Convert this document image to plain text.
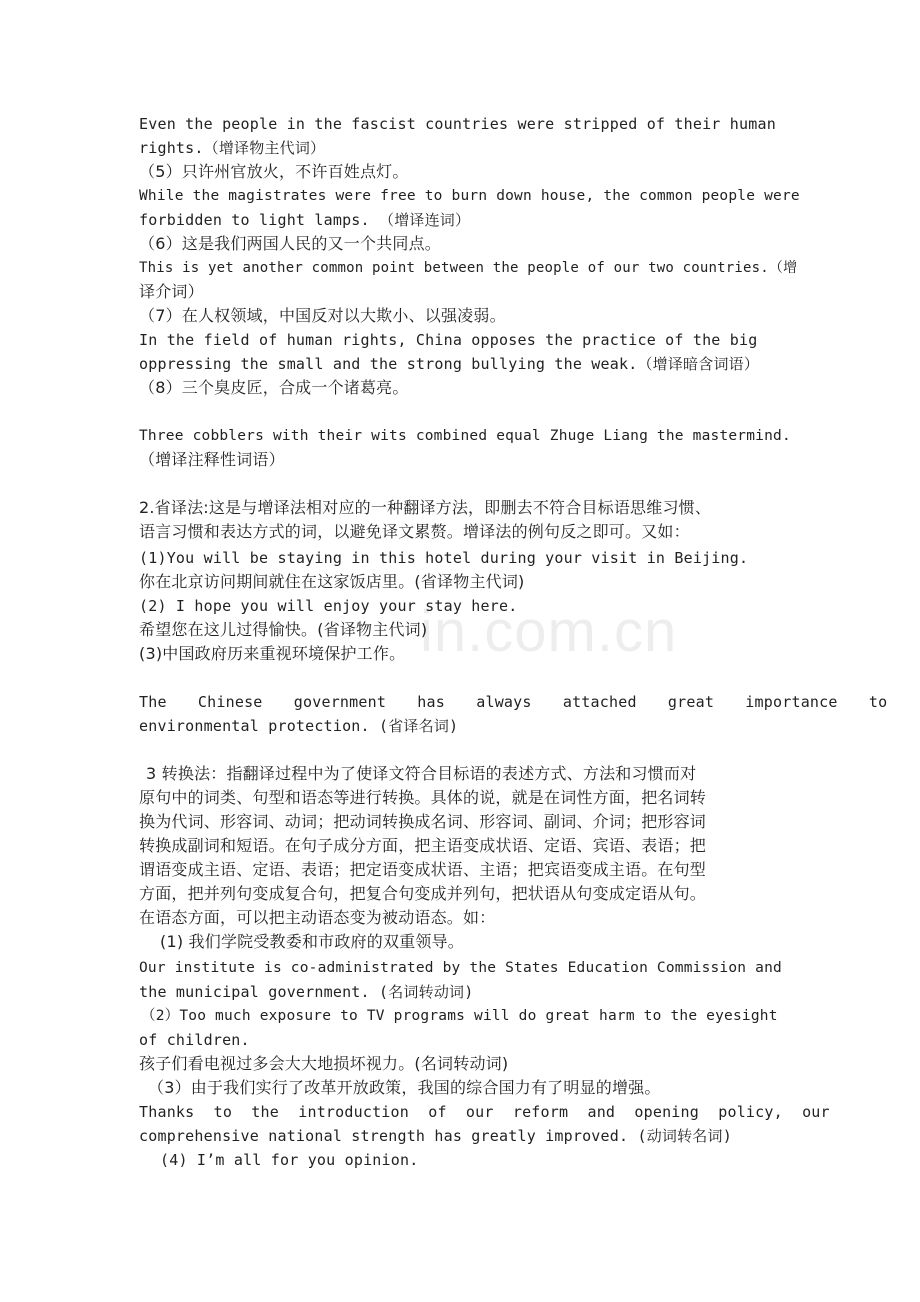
in.com.cn
Even the people in the fascist countries were stripped of their human
rights.（增译物主代词）
（5）只许州官放火，不许百姓点灯。
While the magistrates were free to burn down house, the common people were
forbidden to light lamps. （增译连词）
（6）这是我们两国人民的又一个共同点。
This is yet another common point between the people of our two countries.（增
译介词）
（7）在人权领域，中国反对以大欺小、以强凌弱。
In the field of human rights, China opposes the practice of the big
oppressing the small and the strong bullying the weak.（增译暗含词语）
（8）三个臭皮匠，合成一个诸葛亮。
Three cobblers with their wits combined equal Zhuge Liang the mastermind.
（增译注释性词语）
2.省译法:这是与增译法相对应的一种翻译方法，即删去不符合目标语思维习惯、
语言习惯和表达方式的词，以避免译文累赘。增译法的例句反之即可。又如：
(1)You will be staying in this hotel during your visit in Beijing.
你在北京访问期间就住在这家饭店里。(省译物主代词)
(2) I hope you will enjoy your stay here.
希望您在这儿过得愉快。(省译物主代词)
(3)中国政府历来重视环境保护工作。
The Chinese government has always attached great importance to
environmental protection. (省译名词)
3 转换法：指翻译过程中为了使译文符合目标语的表述方式、方法和习惯而对
原句中的词类、句型和语态等进行转换。具体的说，就是在词性方面，把名词转
换为代词、形容词、动词；把动词转换成名词、形容词、副词、介词；把形容词
转换成副词和短语。在句子成分方面，把主语变成状语、定语、宾语、表语；把
谓语变成主语、定语、表语；把定语变成状语、主语；把宾语变成主语。在句型
方面，把并列句变成复合句，把复合句变成并列句，把状语从句变成定语从句。
在语态方面，可以把主动语态变为被动语态。如：
(1) 我们学院受教委和市政府的双重领导。
Our institute is co-administrated by the States Education Commission and
the municipal government. (名词转动词)
（2）Too much exposure to TV programs will do great harm to the eyesight
of children.
孩子们看电视过多会大大地损坏视力。(名词转动词)
（3）由于我们实行了改革开放政策，我国的综合国力有了明显的增强。
Thanks to the introduction of our reform and opening policy, our
comprehensive national strength has greatly improved. (动词转名词)
(4) I’m all for you opinion.
